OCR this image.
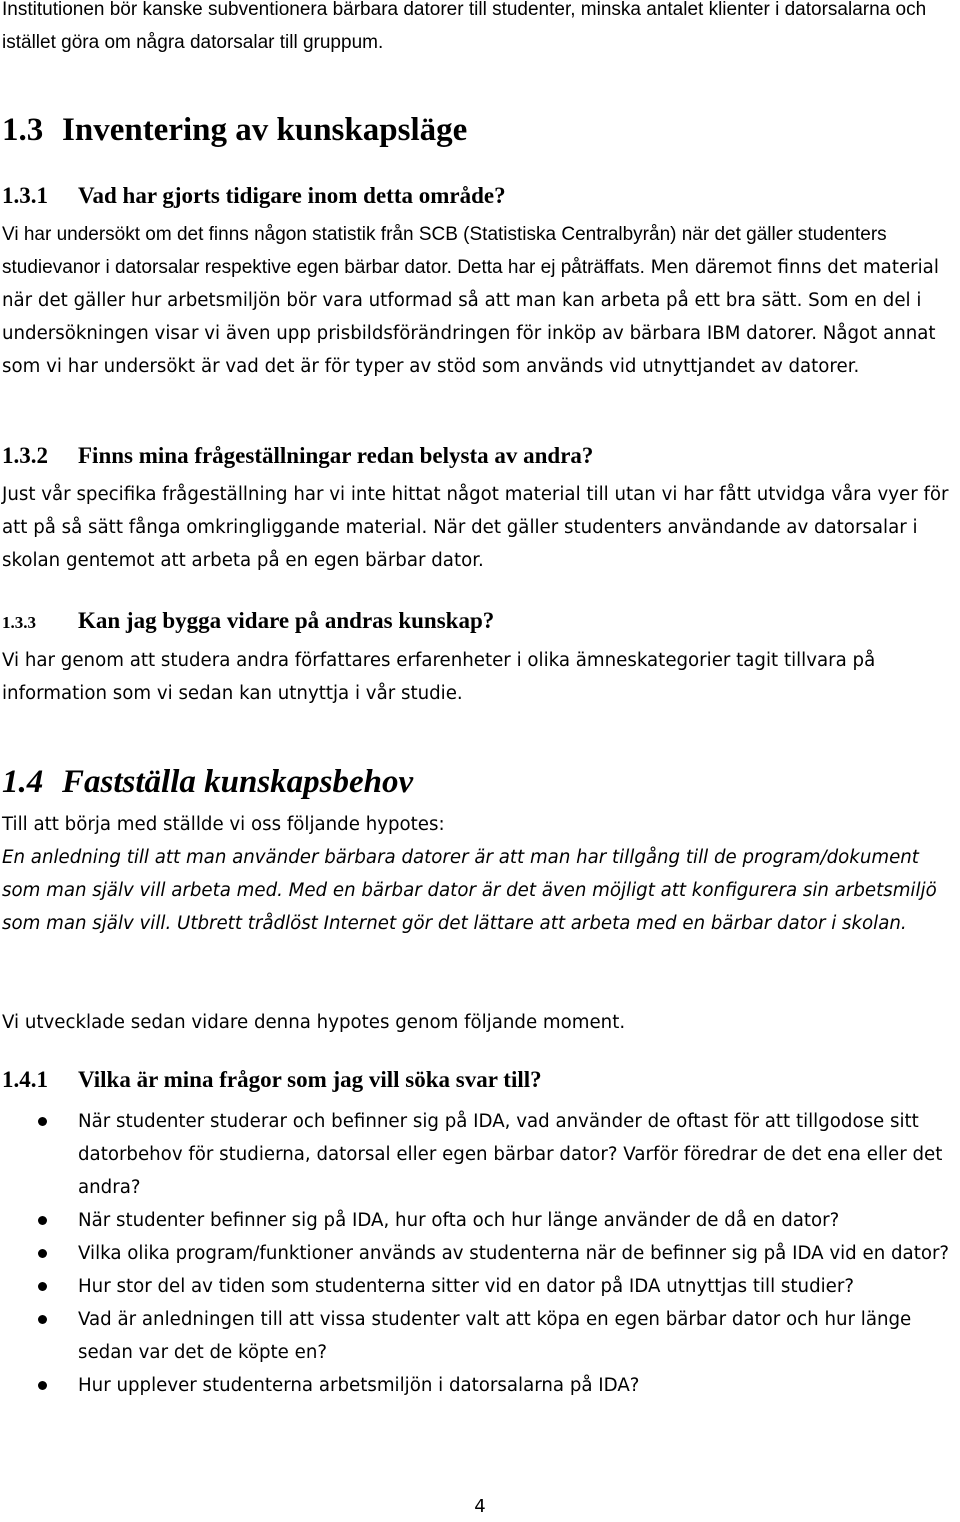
Institutionen bör kanske subventionera bärbara datorer till studenter, minska antalet klienter i datorsalarna och istället göra om några datorsalar till gruppum.

1.3 Inventering av kunskapsläge
1.3.1 Vad har gjorts tidigare inom detta område?

Vi har undersökt om det finns någon statistik från SCB (Statistiska Centralbyrån) när det gäller studenters studievanor i datorsalar respektive egen bärbar dator. Detta har ej påträffats. Men däremot finns det material när det gäller hur arbetsmiljön bör vara utformad så att man kan arbeta på ett bra sätt. Som en del i undersökningen visar vi även upp prisbildsförändringen för inköp av bärbara IBM datorer. Något annat som vi har undersökt är vad det är för typer av stöd som används vid utnyttjandet av datorer.

1.3.2 Finns mina frågeställningar redan belysta av andra?

Just vår specifika frågeställning har vi inte hittat något material till utan vi har fått utvidga våra vyer för att på så sätt fånga omkringliggande material. När det gäller studenters användande av datorsalar i skolan gentemot att arbeta på en egen bärbar dator.

1.3.3 Kan jag bygga vidare på andras kunskap?

Vi har genom att studera andra författares erfarenheter i olika ämneskategorier tagit tillvara på information som vi sedan kan utnyttja i vår studie.

1.4 Fastställa kunskapsbehov

Till att börja med ställde vi oss följande hypotes:

En anledning till att man använder bärbara datorer är att man har tillgång till de program/dokument som man själv vill arbeta med. Med en bärbar dator är det även möjligt att konfigurera sin arbetsmiljö som man själv vill. Utbrett trådlöst Internet gör det lättare att arbeta med en bärbar dator i skolan.

Vi utvecklade sedan vidare denna hypotes genom följande moment.

1.4.1 Vilka är mina frågor som jag vill söka svar till?
När studenter studerar och befinner sig på IDA, vad använder de oftast för att tillgodose sitt datorbehov för studierna, datorsal eller egen bärbar dator? Varför föredrar de det ena eller det andra?
När studenter befinner sig på IDA, hur ofta och hur länge använder de då en dator?
Vilka olika program/funktioner används av studenterna när de befinner sig på IDA vid en dator?
Hur stor del av tiden som studenterna sitter vid en dator på IDA utnyttjas till studier?
Vad är anledningen till att vissa studenter valt att köpa en egen bärbar dator och hur länge sedan var det de köpte en?
Hur upplever studenterna arbetsmiljön i datorsalarna på IDA?
4
